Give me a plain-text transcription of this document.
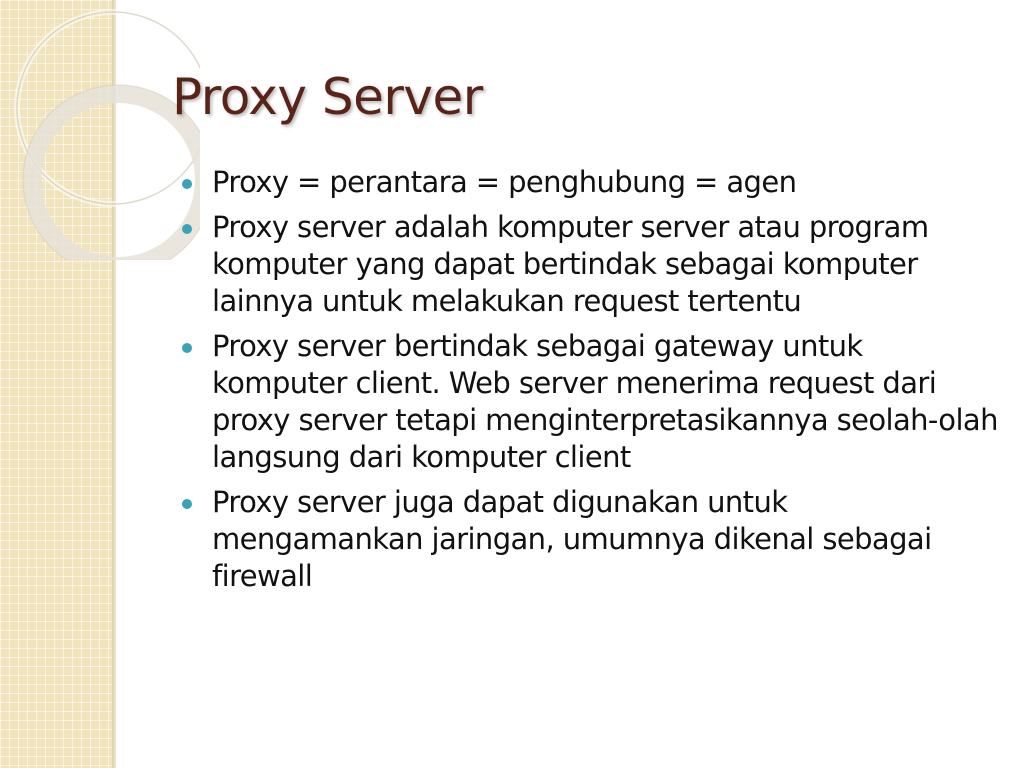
Proxy Server
Proxy = perantara = penghubung = agen
Proxy server adalah komputer server atau program komputer yang dapat bertindak sebagai komputer lainnya untuk melakukan request tertentu
Proxy server bertindak sebagai gateway untuk komputer client. Web server menerima request dari proxy server tetapi menginterpretasikannya seolah-olah langsung dari komputer client
Proxy server juga dapat digunakan untuk mengamankan jaringan, umumnya dikenal sebagai firewall
